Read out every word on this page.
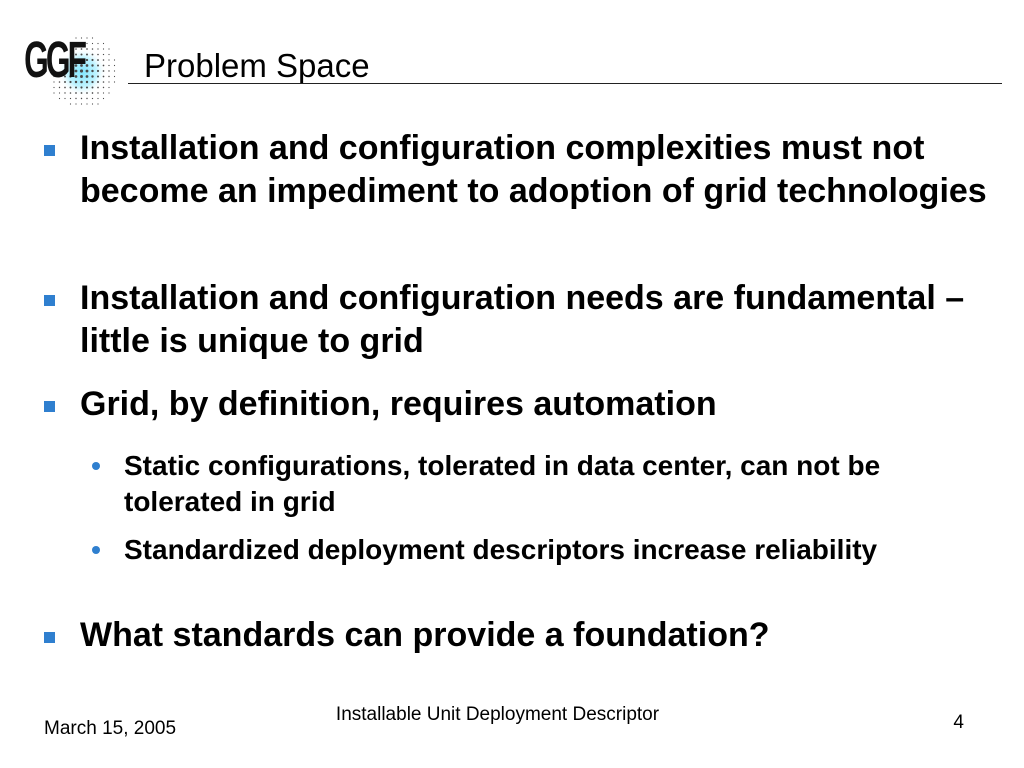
GGF Problem Space
Installation and configuration complexities must not become an impediment to adoption of grid technologies
Installation and configuration needs are fundamental – little is unique to grid
Grid, by definition, requires automation
Static configurations, tolerated in data center, can not be tolerated in grid
Standardized deployment descriptors increase reliability
What standards can provide a foundation?
March 15, 2005
Installable Unit Deployment Descriptor	4
